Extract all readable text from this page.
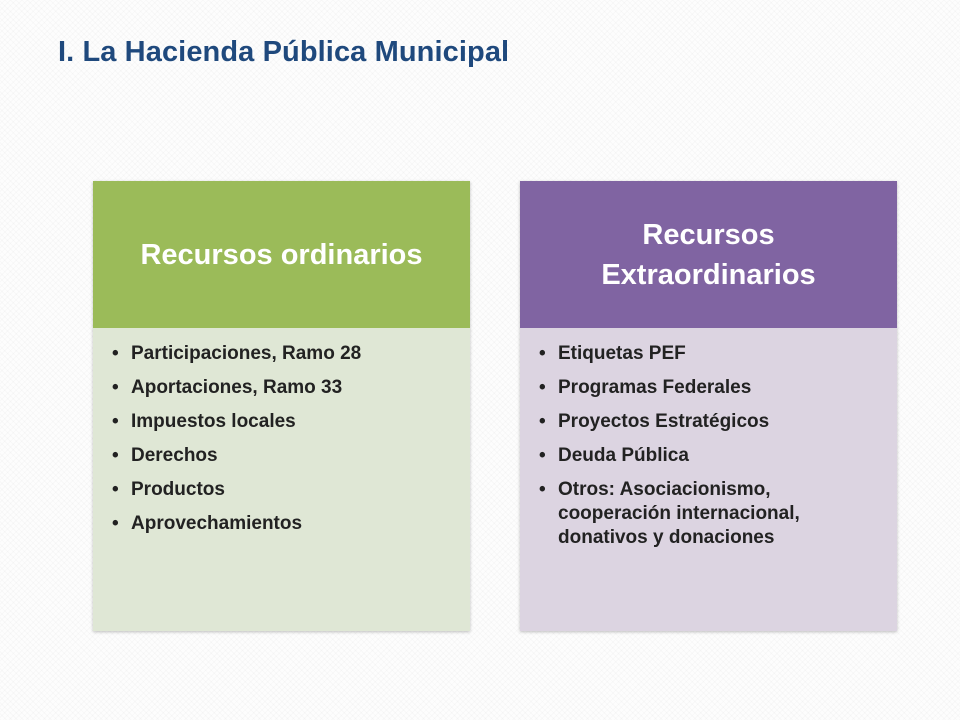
I. La Hacienda Pública Municipal
Recursos ordinarios
• Participaciones, Ramo 28
• Aportaciones, Ramo 33
• Impuestos locales
• Derechos
• Productos
• Aprovechamientos
Recursos Extraordinarios
• Etiquetas PEF
• Programas Federales
• Proyectos Estratégicos
• Deuda Pública
• Otros: Asociacionismo, cooperación internacional, donativos y donaciones
